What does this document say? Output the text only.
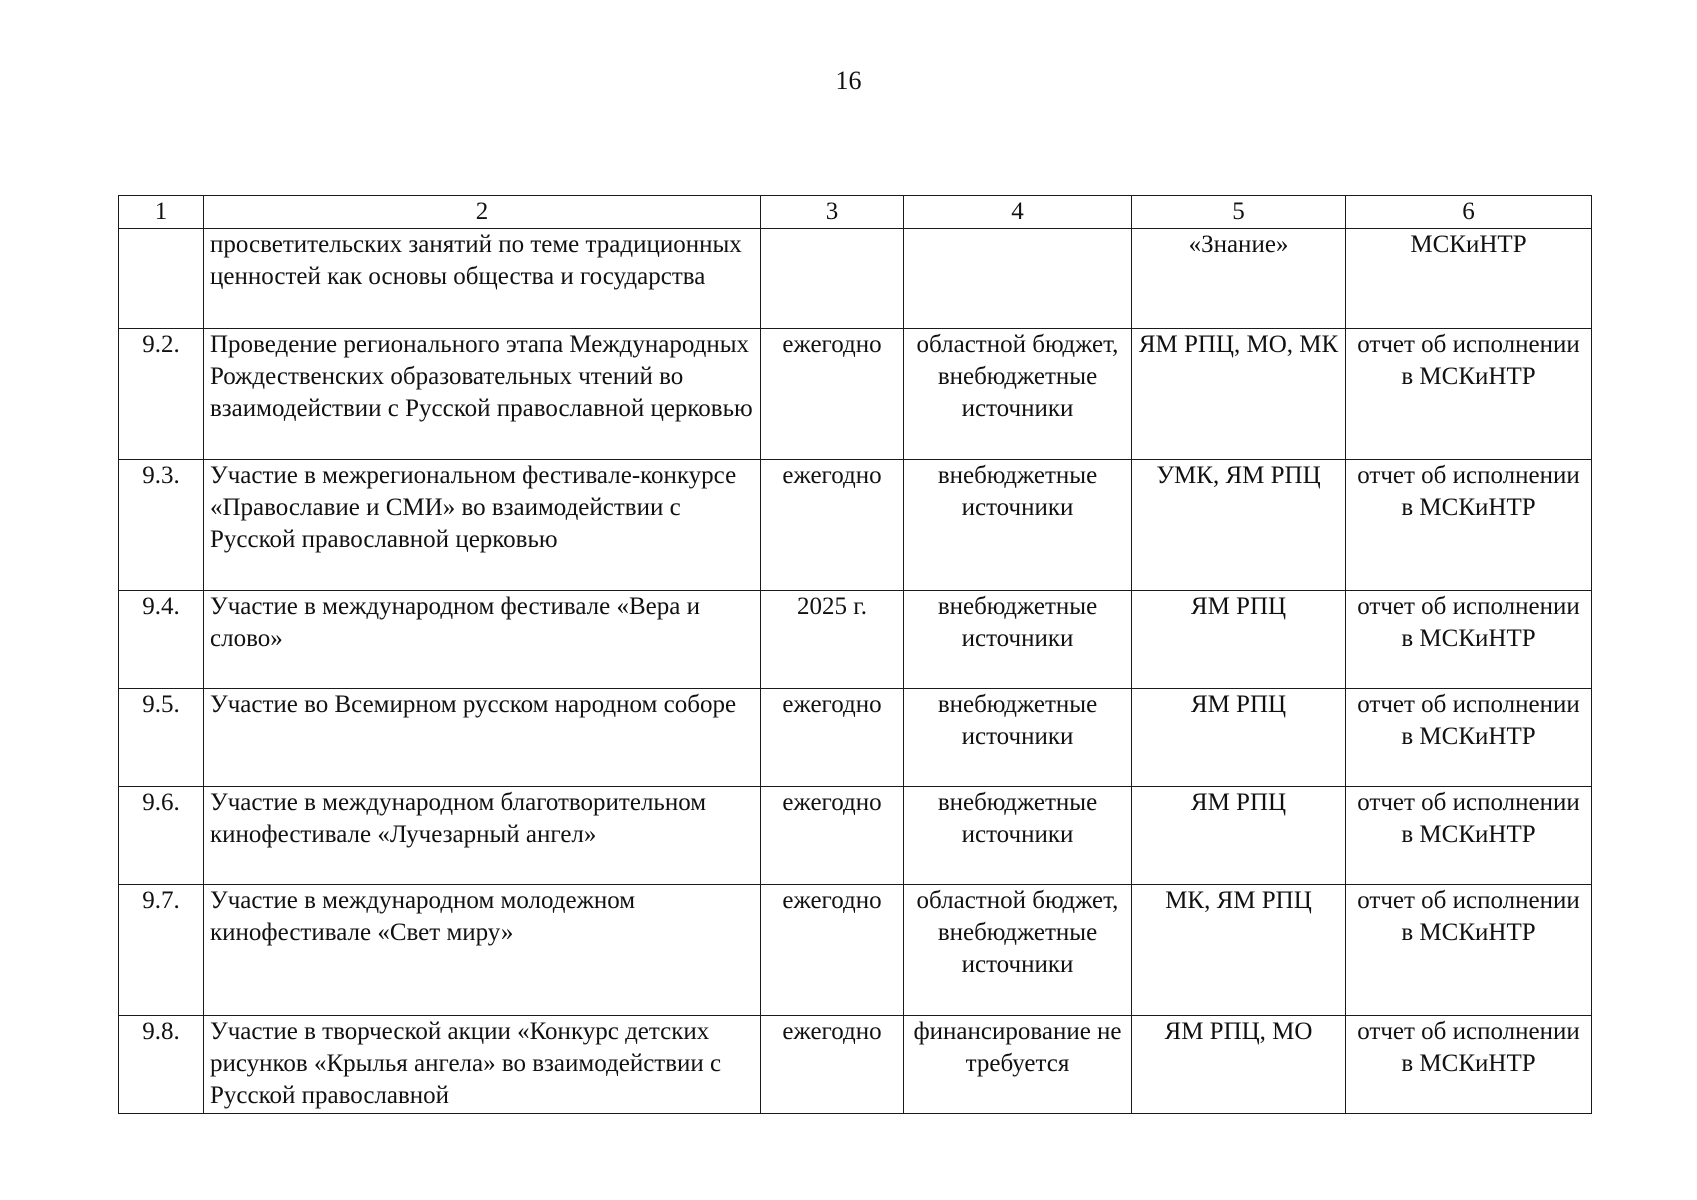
16
1	2	3	4	5	6
	просветительских занятий по теме традиционных ценностей как основы общества и государства			«Знание»	МСКиНТР
9.2.	Проведение регионального этапа Международных Рождественских образовательных чтений во взаимодействии с Русской православной церковью	ежегодно	областной бюджет, внебюджетные источники	ЯМ РПЦ, МО, МК	отчет об исполнении в МСКиНТР
9.3.	Участие в межрегиональном фестивале-конкурсе «Православие и СМИ» во взаимодействии с Русской православной церковью	ежегодно	внебюджетные источники	УМК, ЯМ РПЦ	отчет об исполнении в МСКиНТР
9.4.	Участие в международном фестивале «Вера и слово»	2025 г.	внебюджетные источники	ЯМ РПЦ	отчет об исполнении в МСКиНТР
9.5.	Участие во Всемирном русском народном соборе	ежегодно	внебюджетные источники	ЯМ РПЦ	отчет об исполнении в МСКиНТР
9.6.	Участие в международном благотворительном кинофестивале «Лучезарный ангел»	ежегодно	внебюджетные источники	ЯМ РПЦ	отчет об исполнении в МСКиНТР
9.7.	Участие в международном молодежном кинофестивале «Свет миру»	ежегодно	областной бюджет, внебюджетные источники	МК, ЯМ РПЦ	отчет об исполнении в МСКиНТР
9.8.	Участие в творческой акции «Конкурс детских рисунков «Крылья ангела» во взаимодействии с Русской православной	ежегодно	финансирование не требуется	ЯМ РПЦ, МО	отчет об исполнении в МСКиНТР
